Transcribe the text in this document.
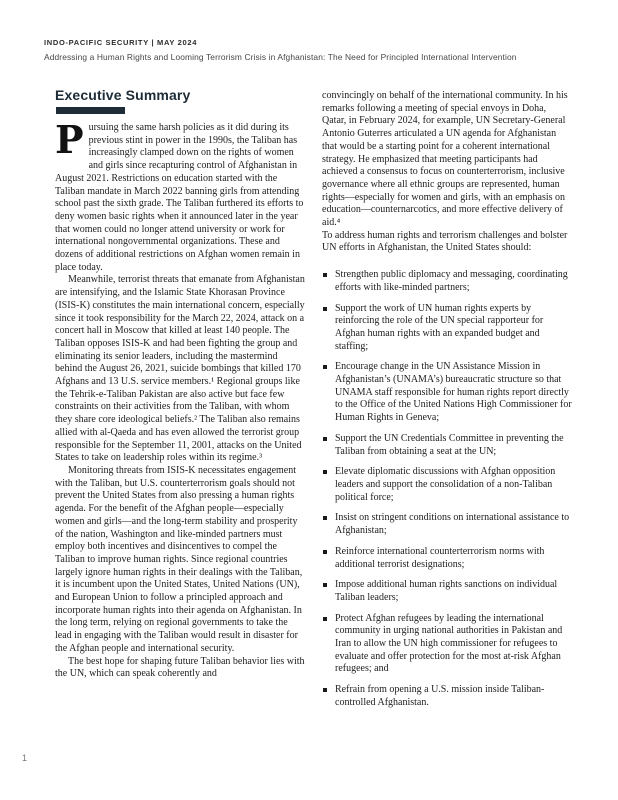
INDO-PACIFIC SECURITY | MAY 2024
Addressing a Human Rights and Looming Terrorism Crisis in Afghanistan: The Need for Principled International Intervention
Executive Summary

Pursuing the same harsh policies as it did during its previous stint in power in the 1990s, the Taliban has increasingly clamped down on the rights of women and girls since recapturing control of Afghanistan in August 2021. Restrictions on education started with the Taliban mandate in March 2022 banning girls from attending school past the sixth grade. The Taliban furthered its efforts to deny women basic rights when it announced later in the year that women could no longer attend university or work for international nongovernmental organizations. These and dozens of additional restrictions on Afghan women remain in place today.

Meanwhile, terrorist threats that emanate from Afghanistan are intensifying, and the Islamic State Khorasan Province (ISIS-K) constitutes the main international concern, especially since it took responsibility for the March 22, 2024, attack on a concert hall in Moscow that killed at least 140 people. The Taliban opposes ISIS-K and had been fighting the group and eliminating its senior leaders, including the mastermind behind the August 26, 2021, suicide bombings that killed 170 Afghans and 13 U.S. service members.¹ Regional groups like the Tehrik-e-Taliban Pakistan are also active but face few constraints on their activities from the Taliban, with whom they share core ideological beliefs.² The Taliban also remains allied with al-Qaeda and has even allowed the terrorist group responsible for the September 11, 2001, attacks on the United States to take on leadership roles within its regime.³

Monitoring threats from ISIS-K necessitates engagement with the Taliban, but U.S. counterterrorism goals should not prevent the United States from also pressing a human rights agenda. For the benefit of the Afghan people—especially women and girls—and the long-term stability and prosperity of the nation, Washington and like-minded partners must employ both incentives and disincentives to compel the Taliban to improve human rights. Since regional countries largely ignore human rights in their dealings with the Taliban, it is incumbent upon the United States, United Nations (UN), and European Union to follow a principled approach and incorporate human rights into their agenda on Afghanistan. In the long term, relying on regional governments to take the lead in engaging with the Taliban would result in disaster for the Afghan people and international security.

The best hope for shaping future Taliban behavior lies with the UN, which can speak coherently and

convincingly on behalf of the international community. In his remarks following a meeting of special envoys in Doha, Qatar, in February 2024, for example, UN Secretary-General Antonio Guterres articulated a UN agenda for Afghanistan that would be a starting point for a coherent international strategy. He emphasized that meeting participants had achieved a consensus to focus on counterterrorism, inclusive governance where all ethnic groups are represented, human rights—especially for women and girls, with an emphasis on education—counternarcotics, and more effective delivery of aid.⁴

To address human rights and terrorism challenges and bolster UN efforts in Afghanistan, the United States should:

Strengthen public diplomacy and messaging, coordinating efforts with like-minded partners;
Support the work of UN human rights experts by reinforcing the role of the UN special rapporteur for Afghan human rights with an expanded budget and staffing;
Encourage change in the UN Assistance Mission in Afghanistan’s (UNAMA’s) bureaucratic structure so that UNAMA staff responsible for human rights report directly to the Office of the United Nations High Commissioner for Human Rights in Geneva;
Support the UN Credentials Committee in preventing the Taliban from obtaining a seat at the UN;
Elevate diplomatic discussions with Afghan opposition leaders and support the consolidation of a non-Taliban political force;
Insist on stringent conditions on international assistance to Afghanistan;
Reinforce international counterterrorism norms with additional terrorist designations;
Impose additional human rights sanctions on individual Taliban leaders;
Protect Afghan refugees by leading the international community in urging national authorities in Pakistan and Iran to allow the UN high commissioner for refugees to evaluate and offer protection for the most at-risk Afghan refugees; and
Refrain from opening a U.S. mission inside Taliban-controlled Afghanistan.
1
